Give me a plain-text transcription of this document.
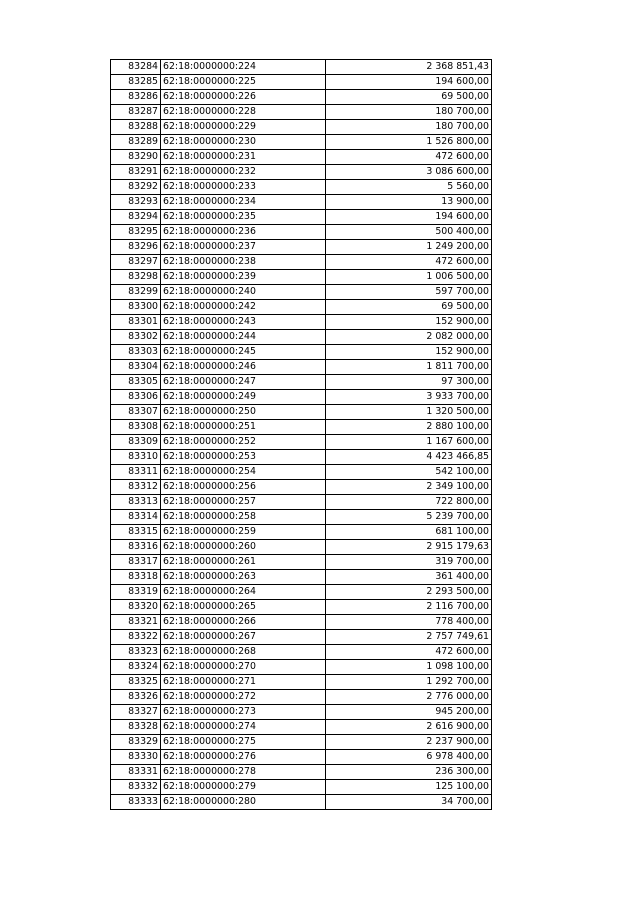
83284	62:18:0000000:224	2 368 851,43
83285	62:18:0000000:225	194 600,00
83286	62:18:0000000:226	69 500,00
83287	62:18:0000000:228	180 700,00
83288	62:18:0000000:229	180 700,00
83289	62:18:0000000:230	1 526 800,00
83290	62:18:0000000:231	472 600,00
83291	62:18:0000000:232	3 086 600,00
83292	62:18:0000000:233	5 560,00
83293	62:18:0000000:234	13 900,00
83294	62:18:0000000:235	194 600,00
83295	62:18:0000000:236	500 400,00
83296	62:18:0000000:237	1 249 200,00
83297	62:18:0000000:238	472 600,00
83298	62:18:0000000:239	1 006 500,00
83299	62:18:0000000:240	597 700,00
83300	62:18:0000000:242	69 500,00
83301	62:18:0000000:243	152 900,00
83302	62:18:0000000:244	2 082 000,00
83303	62:18:0000000:245	152 900,00
83304	62:18:0000000:246	1 811 700,00
83305	62:18:0000000:247	97 300,00
83306	62:18:0000000:249	3 933 700,00
83307	62:18:0000000:250	1 320 500,00
83308	62:18:0000000:251	2 880 100,00
83309	62:18:0000000:252	1 167 600,00
83310	62:18:0000000:253	4 423 466,85
83311	62:18:0000000:254	542 100,00
83312	62:18:0000000:256	2 349 100,00
83313	62:18:0000000:257	722 800,00
83314	62:18:0000000:258	5 239 700,00
83315	62:18:0000000:259	681 100,00
83316	62:18:0000000:260	2 915 179,63
83317	62:18:0000000:261	319 700,00
83318	62:18:0000000:263	361 400,00
83319	62:18:0000000:264	2 293 500,00
83320	62:18:0000000:265	2 116 700,00
83321	62:18:0000000:266	778 400,00
83322	62:18:0000000:267	2 757 749,61
83323	62:18:0000000:268	472 600,00
83324	62:18:0000000:270	1 098 100,00
83325	62:18:0000000:271	1 292 700,00
83326	62:18:0000000:272	2 776 000,00
83327	62:18:0000000:273	945 200,00
83328	62:18:0000000:274	2 616 900,00
83329	62:18:0000000:275	2 237 900,00
83330	62:18:0000000:276	6 978 400,00
83331	62:18:0000000:278	236 300,00
83332	62:18:0000000:279	125 100,00
83333	62:18:0000000:280	34 700,00
